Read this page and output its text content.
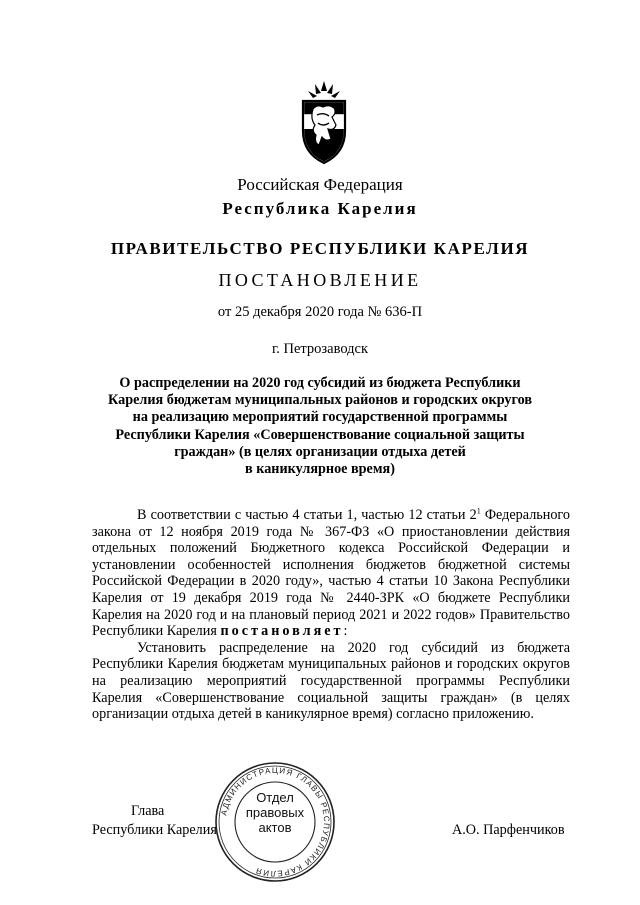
Российская Федерация
Республика Карелия
ПРАВИТЕЛЬСТВО РЕСПУБЛИКИ КАРЕЛИЯ
ПОСТАНОВЛЕНИЕ
от 25 декабря 2020 года № 636-П
г. Петрозаводск
О распределении на 2020 год субсидий из бюджета Республики
Карелия бюджетам муниципальных районов и городских округов
на реализацию мероприятий государственной программы
Республики Карелия «Совершенствование социальной защиты
граждан» (в целях организации отдыха детей
в каникулярное время)

В соответствии с частью 4 статьи 1, частью 12 статьи $2^1$ Федерального закона от 12 ноября 2019 года № 367-ФЗ «О приостановлении действия отдельных положений Бюджетного кодекса Российской Федерации и установлении особенностей исполнения бюджетов бюджетной системы Российской Федерации в 2020 году», частью 4 статьи 10 Закона Республики Карелия от 19 декабря 2019 года № 2440-ЗРК «О бюджете Республики Карелия на 2020 год и на плановый период 2021 и 2022 годов» Правительство Республики Карелия постановляет:

Установить распределение на 2020 год субсидий из бюджета Республики Карелия бюджетам муниципальных районов и городских округов на реализацию мероприятий государственной программы Республики Карелия «Совершенствование социальной защиты граждан» (в целях организации отдыха детей в каникулярное время) согласно приложению.

Глава
Республики Карелия	А.О. Парфенчиков
АДМИНИСТРАЦИЯ ГЛАВЫ РЕСПУБЛИКИ КАРЕЛИЯ
Отдел
правовых
актов
